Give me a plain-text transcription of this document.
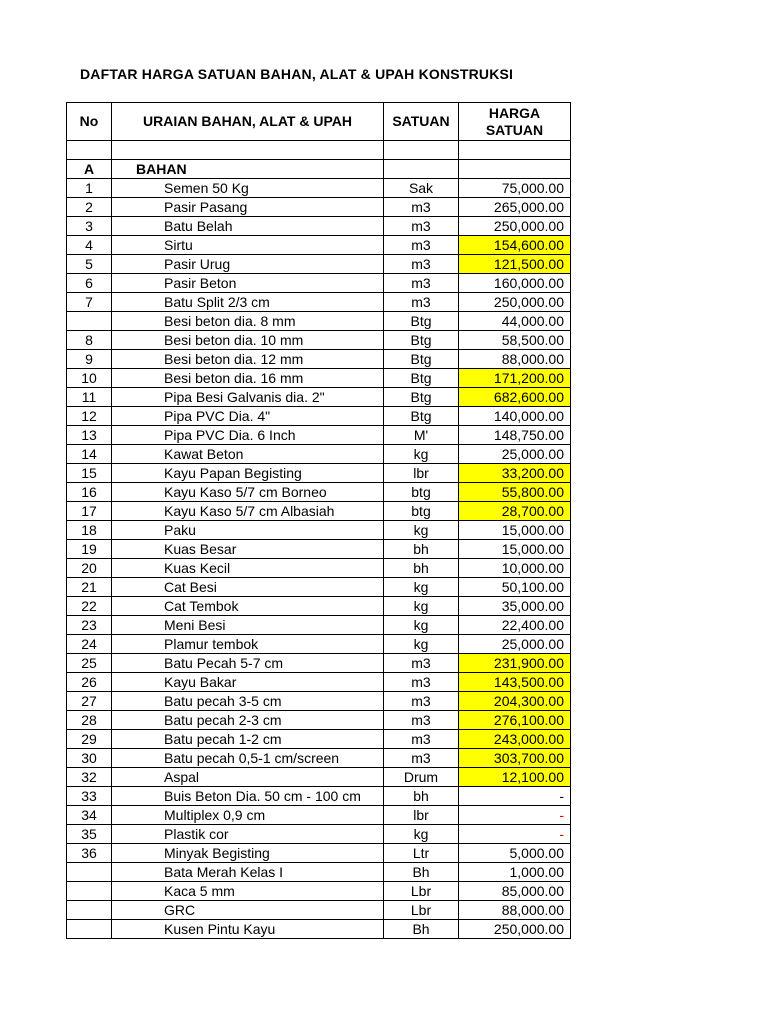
DAFTAR HARGA SATUAN BAHAN, ALAT & UPAH KONSTRUKSI
No	URAIAN BAHAN, ALAT & UPAH	SATUAN	HARGA
SATUAN

A	BAHAN		
1	Semen 50 Kg	Sak	75,000.00
2	Pasir Pasang	m3	265,000.00
3	Batu Belah	m3	250,000.00
4	Sirtu	m3	154,600.00
5	Pasir Urug	m3	121,500.00
6	Pasir Beton	m3	160,000.00
7	Batu Split 2/3 cm	m3	250,000.00
	Besi beton dia. 8 mm	Btg	44,000.00
8	Besi beton dia. 10 mm	Btg	58,500.00
9	Besi beton dia. 12 mm	Btg	88,000.00
10	Besi beton dia. 16 mm	Btg	171,200.00
11	Pipa Besi Galvanis dia. 2"	Btg	682,600.00
12	Pipa PVC Dia. 4"	Btg	140,000.00
13	Pipa PVC Dia. 6 Inch	M'	148,750.00
14	Kawat Beton	kg	25,000.00
15	Kayu Papan Begisting	lbr	33,200.00
16	Kayu Kaso 5/7 cm Borneo	btg	55,800.00
17	Kayu Kaso 5/7 cm Albasiah	btg	28,700.00
18	Paku	kg	15,000.00
19	Kuas Besar	bh	15,000.00
20	Kuas Kecil	bh	10,000.00
21	Cat Besi	kg	50,100.00
22	Cat Tembok	kg	35,000.00
23	Meni Besi	kg	22,400.00
24	Plamur tembok	kg	25,000.00
25	Batu Pecah 5-7 cm	m3	231,900.00
26	Kayu Bakar	m3	143,500.00
27	Batu pecah 3-5 cm	m3	204,300.00
28	Batu pecah 2-3 cm	m3	276,100.00
29	Batu pecah 1-2 cm	m3	243,000.00
30	Batu pecah 0,5-1 cm/screen	m3	303,700.00
32	Aspal	Drum	12,100.00
33	Buis Beton Dia. 50 cm - 100 cm	bh	-
34	Multiplex 0,9 cm	lbr	-
35	Plastik cor	kg	-
36	Minyak Begisting	Ltr	5,000.00
	Bata Merah Kelas I	Bh	1,000.00
	Kaca 5 mm	Lbr	85,000.00
	GRC	Lbr	88,000.00
	Kusen Pintu Kayu	Bh	250,000.00
